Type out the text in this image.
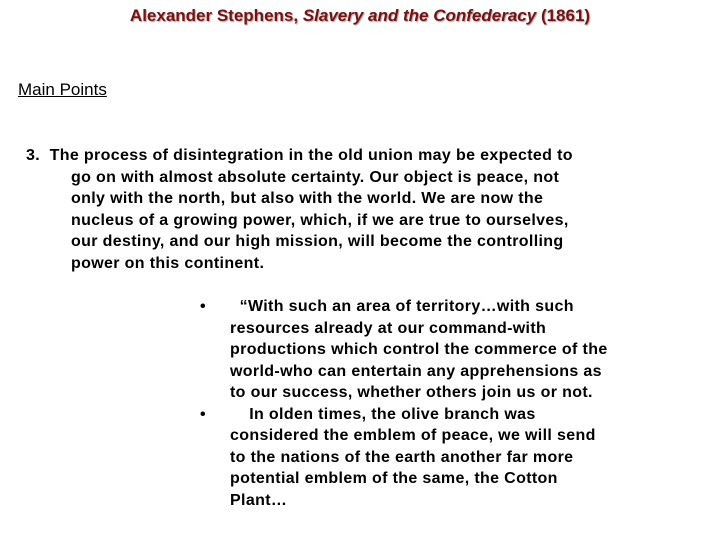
Alexander Stephens, Slavery and the Confederacy (1861)
Main Points
3. The process of disintegration in the old union may be expected to
go on with almost absolute certainty. Our object is peace, not
only with the north, but also with the world. We are now the
nucleus of a growing power, which, if we are true to ourselves,
our destiny, and our high mission, will become the controlling
power on this continent.
•	“With such an area of territory…with such
resources already at our command-with
productions which control the commerce of the
world-who can entertain any apprehensions as
to our success, whether others join us or not.
•	In olden times, the olive branch was
considered the emblem of peace, we will send
to the nations of the earth another far more
potential emblem of the same, the Cotton
Plant…
